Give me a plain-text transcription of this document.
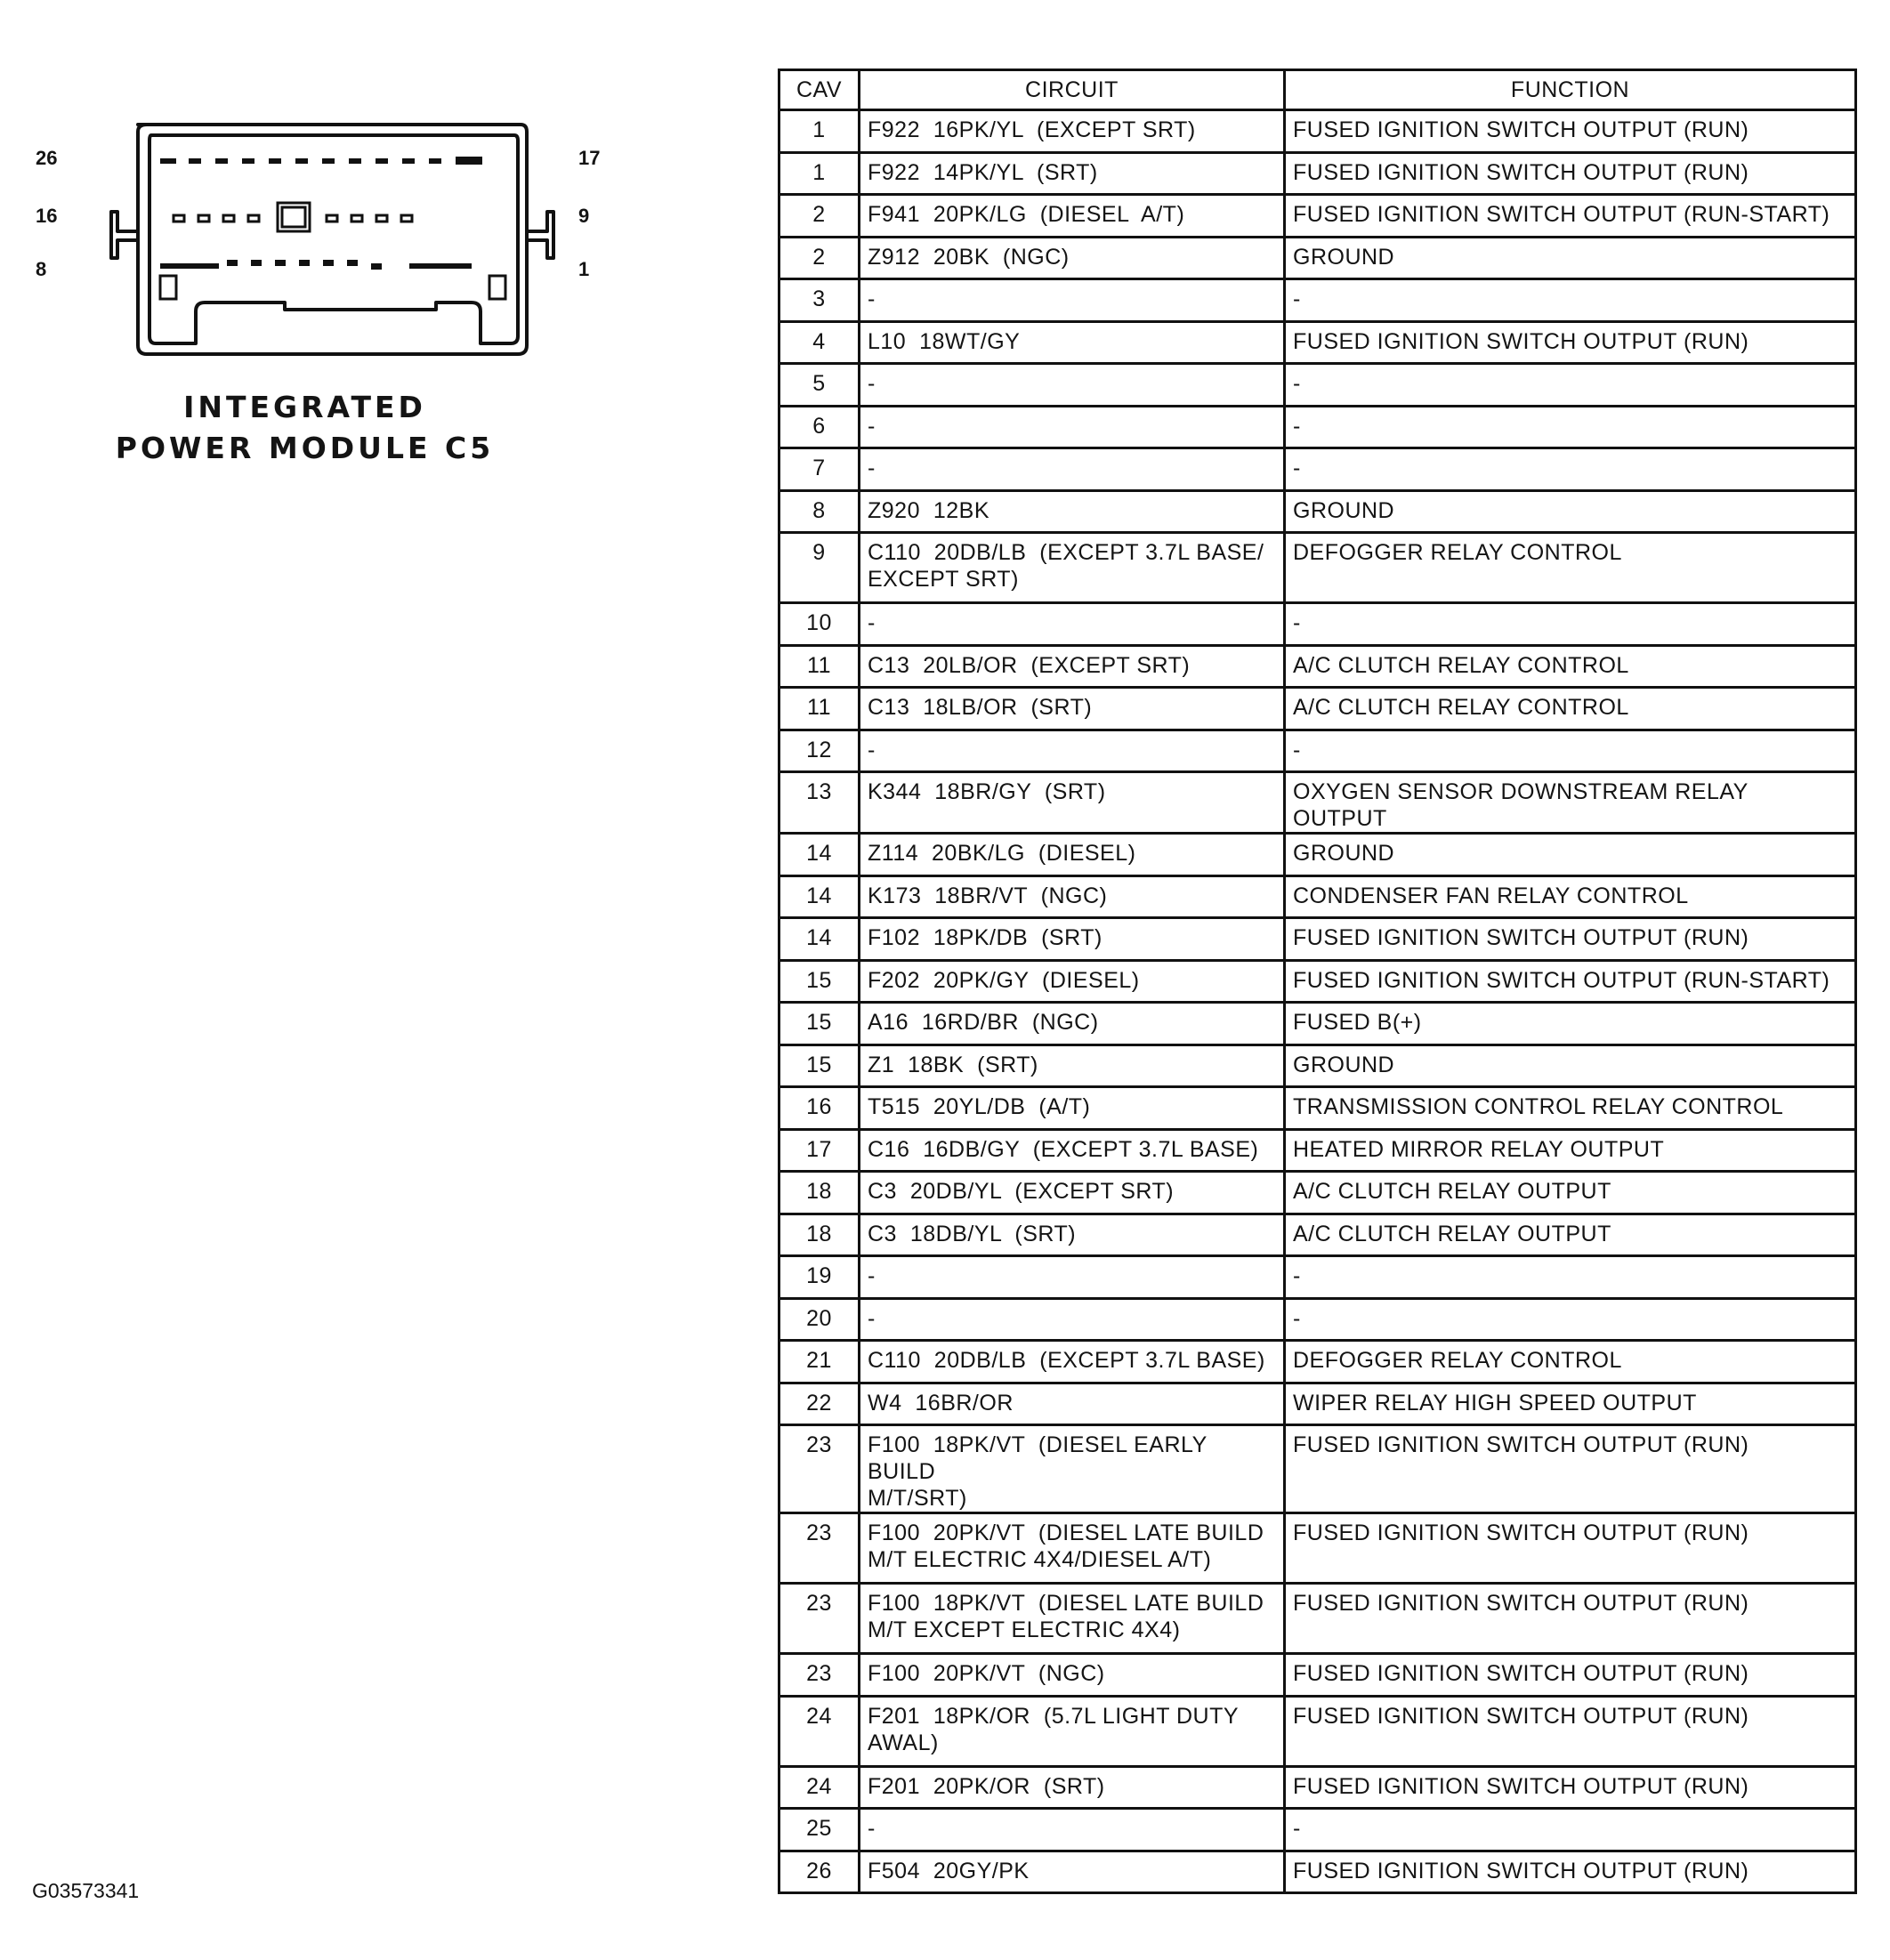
26	17
16	9
8	1
INTEGRATED
POWER MODULE C5
CAV	CIRCUIT	FUNCTION
1	F922  16PK/YL  (EXCEPT SRT)	FUSED IGNITION SWITCH OUTPUT (RUN)
1	F922  14PK/YL  (SRT)	FUSED IGNITION SWITCH OUTPUT (RUN)
2	F941  20PK/LG  (DIESEL  A/T)	FUSED IGNITION SWITCH OUTPUT (RUN-START)
2	Z912  20BK  (NGC)	GROUND
3	-	-
4	L10  18WT/GY	FUSED IGNITION SWITCH OUTPUT (RUN)
5	-	-
6	-	-
7	-	-
8	Z920  12BK	GROUND
9	C110  20DB/LB  (EXCEPT 3.7L BASE/
EXCEPT SRT)	DEFOGGER RELAY CONTROL
10	-	-
11	C13  20LB/OR  (EXCEPT SRT)	A/C CLUTCH RELAY CONTROL
11	C13  18LB/OR  (SRT)	A/C CLUTCH RELAY CONTROL
12	-	-
13	K344  18BR/GY  (SRT)	OXYGEN SENSOR DOWNSTREAM RELAY OUTPUT
14	Z114  20BK/LG  (DIESEL)	GROUND
14	K173  18BR/VT  (NGC)	CONDENSER FAN RELAY CONTROL
14	F102  18PK/DB  (SRT)	FUSED IGNITION SWITCH OUTPUT (RUN)
15	F202  20PK/GY  (DIESEL)	FUSED IGNITION SWITCH OUTPUT (RUN-START)
15	A16  16RD/BR  (NGC)	FUSED B(+)
15	Z1  18BK  (SRT)	GROUND
16	T515  20YL/DB  (A/T)	TRANSMISSION CONTROL RELAY CONTROL
17	C16  16DB/GY  (EXCEPT 3.7L BASE)	HEATED MIRROR RELAY OUTPUT
18	C3  20DB/YL  (EXCEPT SRT)	A/C CLUTCH RELAY OUTPUT
18	C3  18DB/YL  (SRT)	A/C CLUTCH RELAY OUTPUT
19	-	-
20	-	-
21	C110  20DB/LB  (EXCEPT 3.7L BASE)	DEFOGGER RELAY CONTROL
22	W4  16BR/OR	WIPER RELAY HIGH SPEED OUTPUT
23	F100  18PK/VT  (DIESEL EARLY BUILD
M/T/SRT)	FUSED IGNITION SWITCH OUTPUT (RUN)
23	F100  20PK/VT  (DIESEL LATE BUILD
M/T ELECTRIC 4X4/DIESEL A/T)	FUSED IGNITION SWITCH OUTPUT (RUN)
23	F100  18PK/VT  (DIESEL LATE BUILD
M/T EXCEPT ELECTRIC 4X4)	FUSED IGNITION SWITCH OUTPUT (RUN)
23	F100  20PK/VT  (NGC)	FUSED IGNITION SWITCH OUTPUT (RUN)
24	F201  18PK/OR  (5.7L LIGHT DUTY
AWAL)	FUSED IGNITION SWITCH OUTPUT (RUN)
24	F201  20PK/OR  (SRT)	FUSED IGNITION SWITCH OUTPUT (RUN)
25	-	-
26	F504  20GY/PK	FUSED IGNITION SWITCH OUTPUT (RUN)
G03573341
